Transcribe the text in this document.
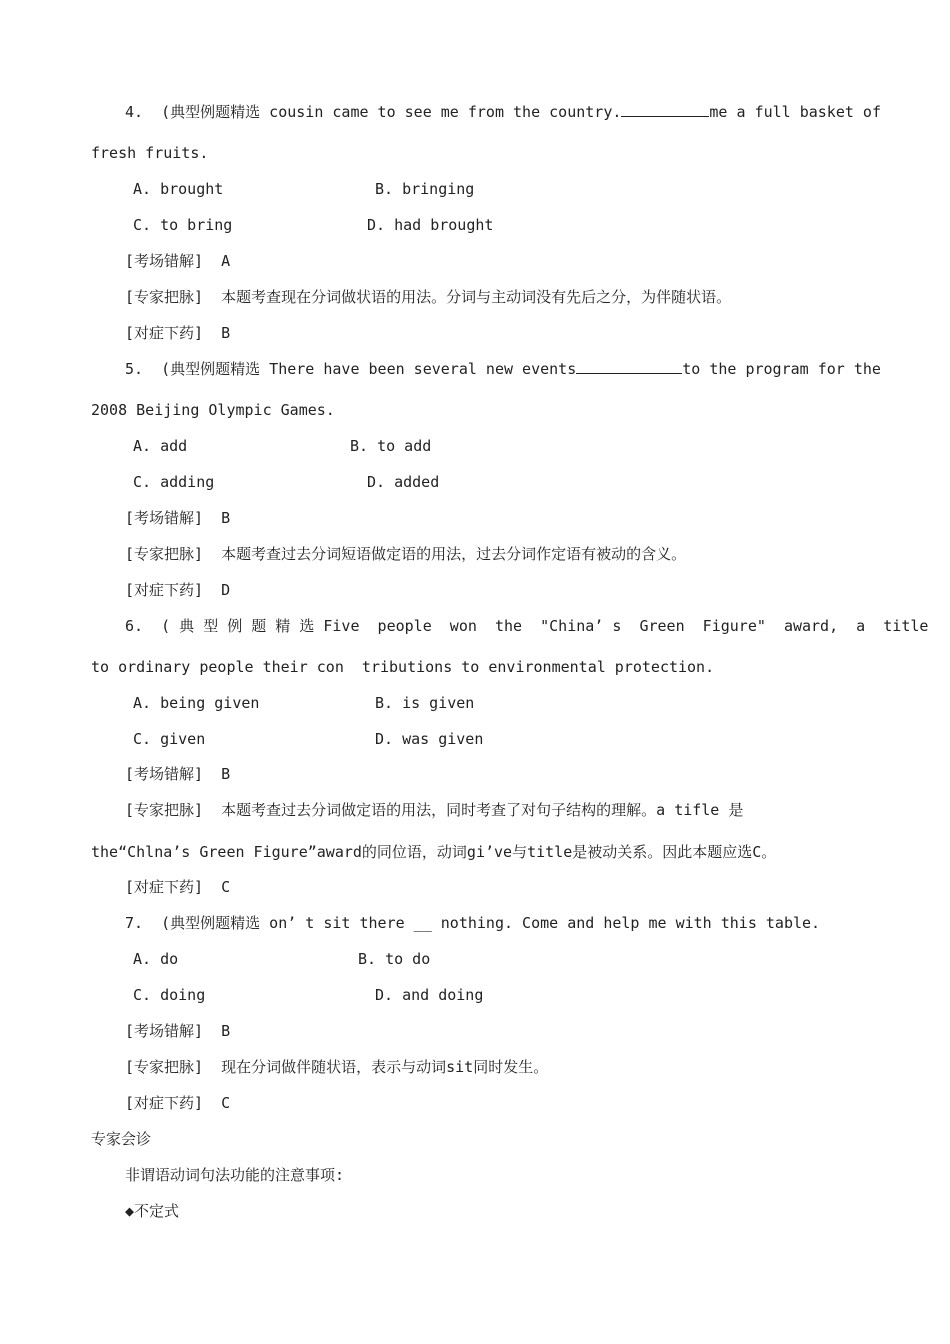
4.  (典型例题精选 cousin came to see me from the country.	me a full basket of
fresh fruits.
A. brought	B. bringing
C. to bring	D. had brought
[考场错解]  A
[专家把脉]  本题考查现在分词做状语的用法。分词与主动词没有先后之分，为伴随状语。
[对症下药]  B
5.  (典型例题精选 There have been several new events	to the program for the
2008 Beijing Olympic Games.
A. add	B. to add
C. adding	D. added
[考场错解]  B
[专家把脉]  本题考查过去分词短语做定语的用法，过去分词作定语有被动的含义。
[对症下药]  D
6.  ( 典 型 例 题 精 选 Five  people  won  the  "China’ s  Green  Figure"  award,  a  title
to ordinary people their con  tributions to environmental protection.
A. being given	B. is given
C. given	D. was given
[考场错解]  B
[专家把脉]  本题考查过去分词做定语的用法，同时考查了对句子结构的理解。a tifle 是
the“Chlna’s Green Figure”award的同位语，动词gi’ve与title是被动关系。因此本题应选C。
[对症下药]  C
7.  (典型例题精选 on’ t sit there __ nothing. Come and help me with this table.
A. do	B. to do
C. doing	D. and doing
[考场错解]  B
[专家把脉]  现在分词做伴随状语，表示与动词sit同时发生。
[对症下药]  C
专家会诊
非谓语动词句法功能的注意事项:
◆不定式
